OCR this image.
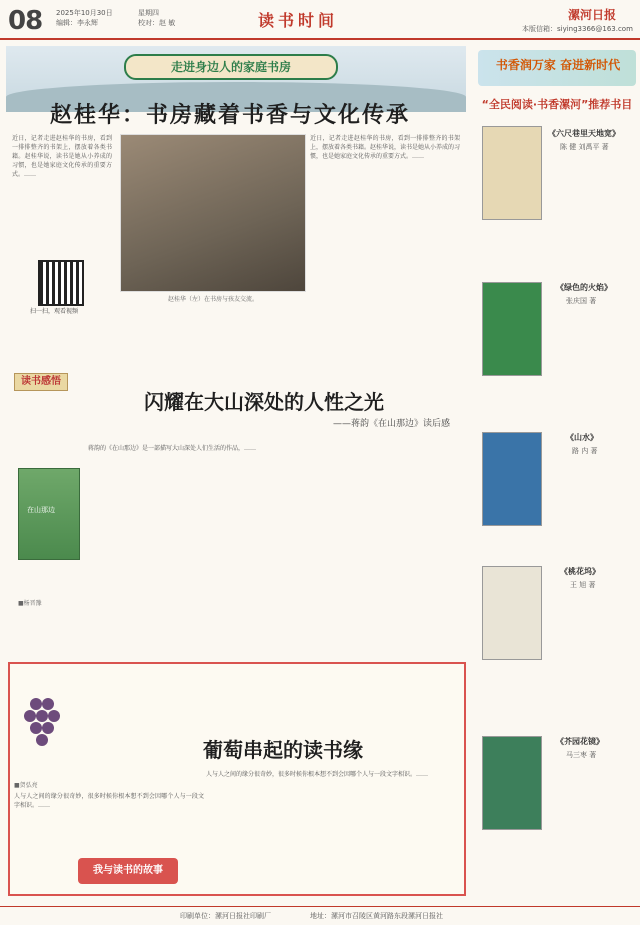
08 2025年10月30日
编辑：李永辉
星期四
校对：赵 敏	读书时间	漯河日报
本版信箱：siying3366@163.com
走进身边人的家庭书房
赵桂华：书房藏着书香与文化传承
近日，记者走进赵桂华的书房，看到一排排整齐的书架上，摆放着各类书籍。赵桂华说，读书是她从小养成的习惯，也是她家庭文化传承的重要方式。……
赵桂华（左）在书房与孩友交流。
近日，记者走进赵桂华的书房，看到一排排整齐的书架上，摆放着各类书籍。赵桂华说，读书是她从小养成的习惯，也是她家庭文化传承的重要方式。……
扫一扫，观看视频
读书感悟
闪耀在大山深处的人性之光
——蒋韵《在山那边》读后感
在山那边
■杨晋豫
蒋韵的《在山那边》是一部描写大山深处人们生活的作品，……
葡萄串起的读书缘
■贺弘亮
人与人之间的缘分很奇妙，很多时候你根本想不到会因哪个人与一段文字相识。……
人与人之间的缘分很奇妙，很多时候你根本想不到会因哪个人与一段文字相识。……
我与读书的故事
书香润万家 奋进新时代
“全民阅读·书香漯河”推荐书目
《六尺巷里天地宽》
陈 健 刘禹平 著
《绿色的火焰》
张庆国 著
《山水》
路 内 著
《桃花坞》
王 旭 著
《芥园花镜》
马三枣 著
印刷单位：漯河日报社印刷厂	地址：漯河市召陵区黄河路东段漯河日报社
